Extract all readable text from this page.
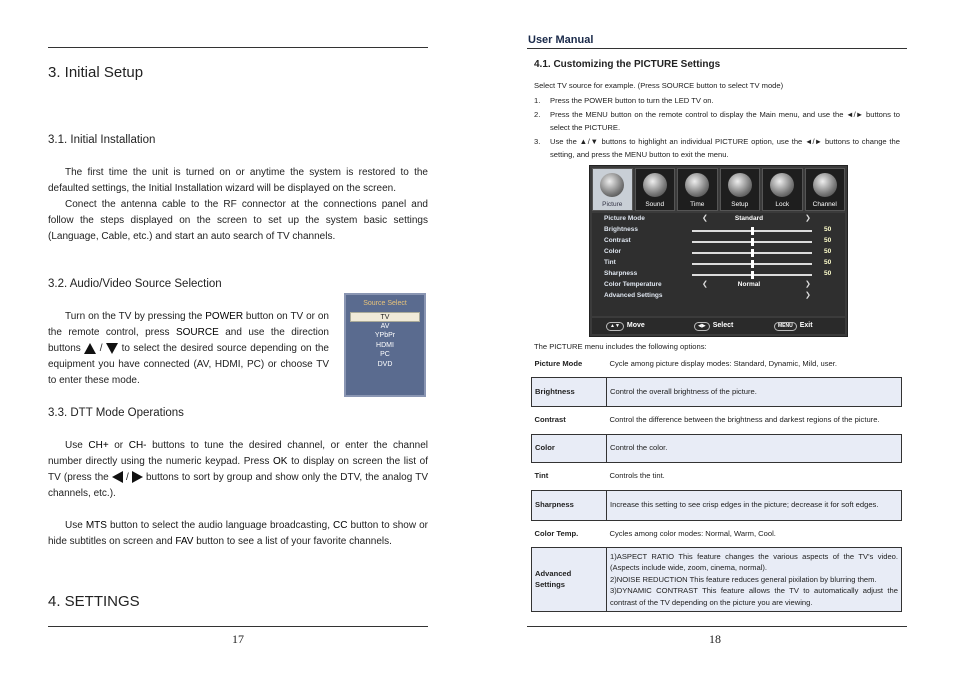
3. Initial Setup
3.1. Initial Installation
The first time the unit is turned on or anytime the system is restored to the defaulted settings, the Initial Installation wizard will be displayed on the screen.
Conect the antenna cable to the RF connector at the connections panel and follow the steps displayed on the screen to set up the system basic settings (Language, Cable, etc.) and start an auto search of TV channels.
3.2. Audio/Video Source Selection
Turn on the TV by pressing the POWER button on TV or on the remote control, press SOURCE and use the direction buttons  /  to select the desired source depending on the equipment you have connected (AV, HDMI, PC) or choose TV to enter these mode.
Source Select
TV
AV
YPbPr
HDMI
PC
DVD
3.3. DTT Mode Operations
Use CH+ or CH- buttons to tune the desired channel, or enter the channel number directly using the numeric keypad. Press OK to display on screen the list of TV (press the  /  buttons to sort by group and show only the DTV, the analog TV channels, etc.).
Use MTS button to select the audio language broadcasting, CC button to show or hide subtitles on screen and FAV button to see a list of your favorite channels.
4. SETTINGS
17
User Manual
4.1. Customizing the PICTURE Settings
Select TV source for example. (Press SOURCE button to select TV mode)
1. Press the POWER button to turn the LED TV on.
2. Press the MENU button on the remote control to display the Main menu, and use the ◄/► buttons to select the PICTURE.
3. Use the ▲/▼ buttons to highlight an individual PICTURE option, use the ◄/► buttons to change the setting, and press the MENU button to exit the menu.
Picture	Sound	Time	Setup	Lock	Channel
Picture Mode	❮	Standard	❯
Brightness	50
Contrast	50
Color	50
Tint	50
Sharpness	50
Color Temperature	❮	Normal	❯
Advanced Settings	❯
▲▼ Move	◀▶ Select	MENU Exit
The PICTURE menu includes the following options:
Picture Mode	Cycle among picture display modes: Standard, Dynamic, Mild, user.
Brightness	Control the overall brightness of the picture.
Contrast	Control the difference between the brightness and darkest regions of the picture.
Color	Control the color.
Tint	Controls the tint.
Sharpness	Increase this setting to see crisp edges in the picture; decrease it for soft edges.
Color Temp.	Cycles among color modes: Normal, Warm, Cool.
Advanced Settings	1)ASPECT RATIO This feature changes the various aspects of the TV's video.(Aspects include wide, zoom, cinema, normal).
2)NOISE REDUCTION This feature reduces general pixilation by blurring them.
3)DYNAMIC CONTRAST This feature allows the TV to automatically adjust the contrast of the TV depending on the picture you are viewing.
18
